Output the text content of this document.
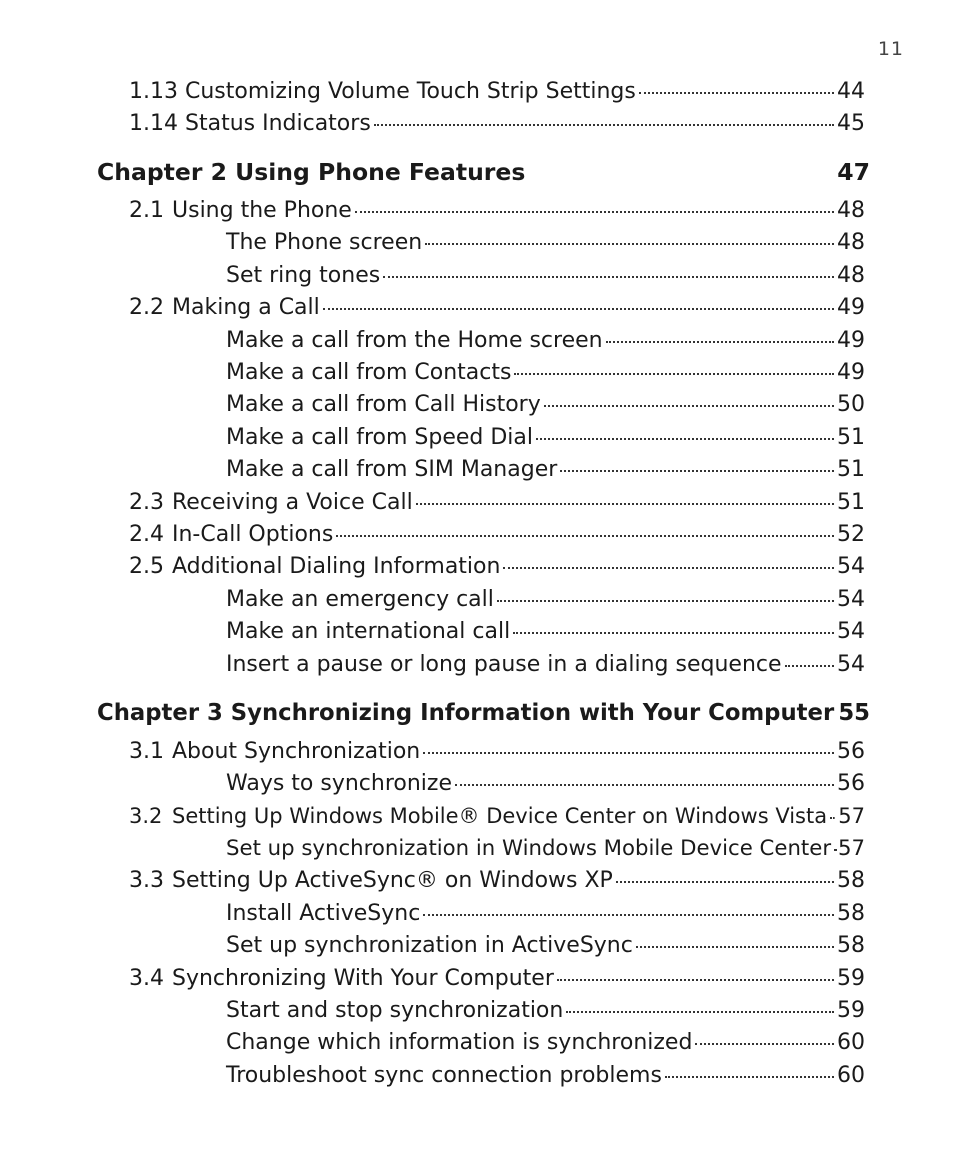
11
1.13 Customizing Volume Touch Strip Settings	44
1.14 Status Indicators	45
Chapter 2 Using Phone Features	47
2.1 Using the Phone	48
The Phone screen	48
Set ring tones	48
2.2 Making a Call	49
Make a call from the Home screen	49
Make a call from Contacts	49
Make a call from Call History	50
Make a call from Speed Dial	51
Make a call from SIM Manager	51
2.3 Receiving a Voice Call	51
2.4 In-Call Options	52
2.5 Additional Dialing Information	54
Make an emergency call	54
Make an international call	54
Insert a pause or long pause in a dialing sequence	54
Chapter 3 Synchronizing Information with Your Computer 55
3.1 About Synchronization	56
Ways to synchronize	56
3.2 Setting Up Windows Mobile® Device Center on Windows Vista 57
Set up synchronization in Windows Mobile Device Center 57
3.3 Setting Up ActiveSync® on Windows XP	58
Install ActiveSync	58
Set up synchronization in ActiveSync	58
3.4 Synchronizing With Your Computer	59
Start and stop synchronization	59
Change which information is synchronized	60
Troubleshoot sync connection problems	60
